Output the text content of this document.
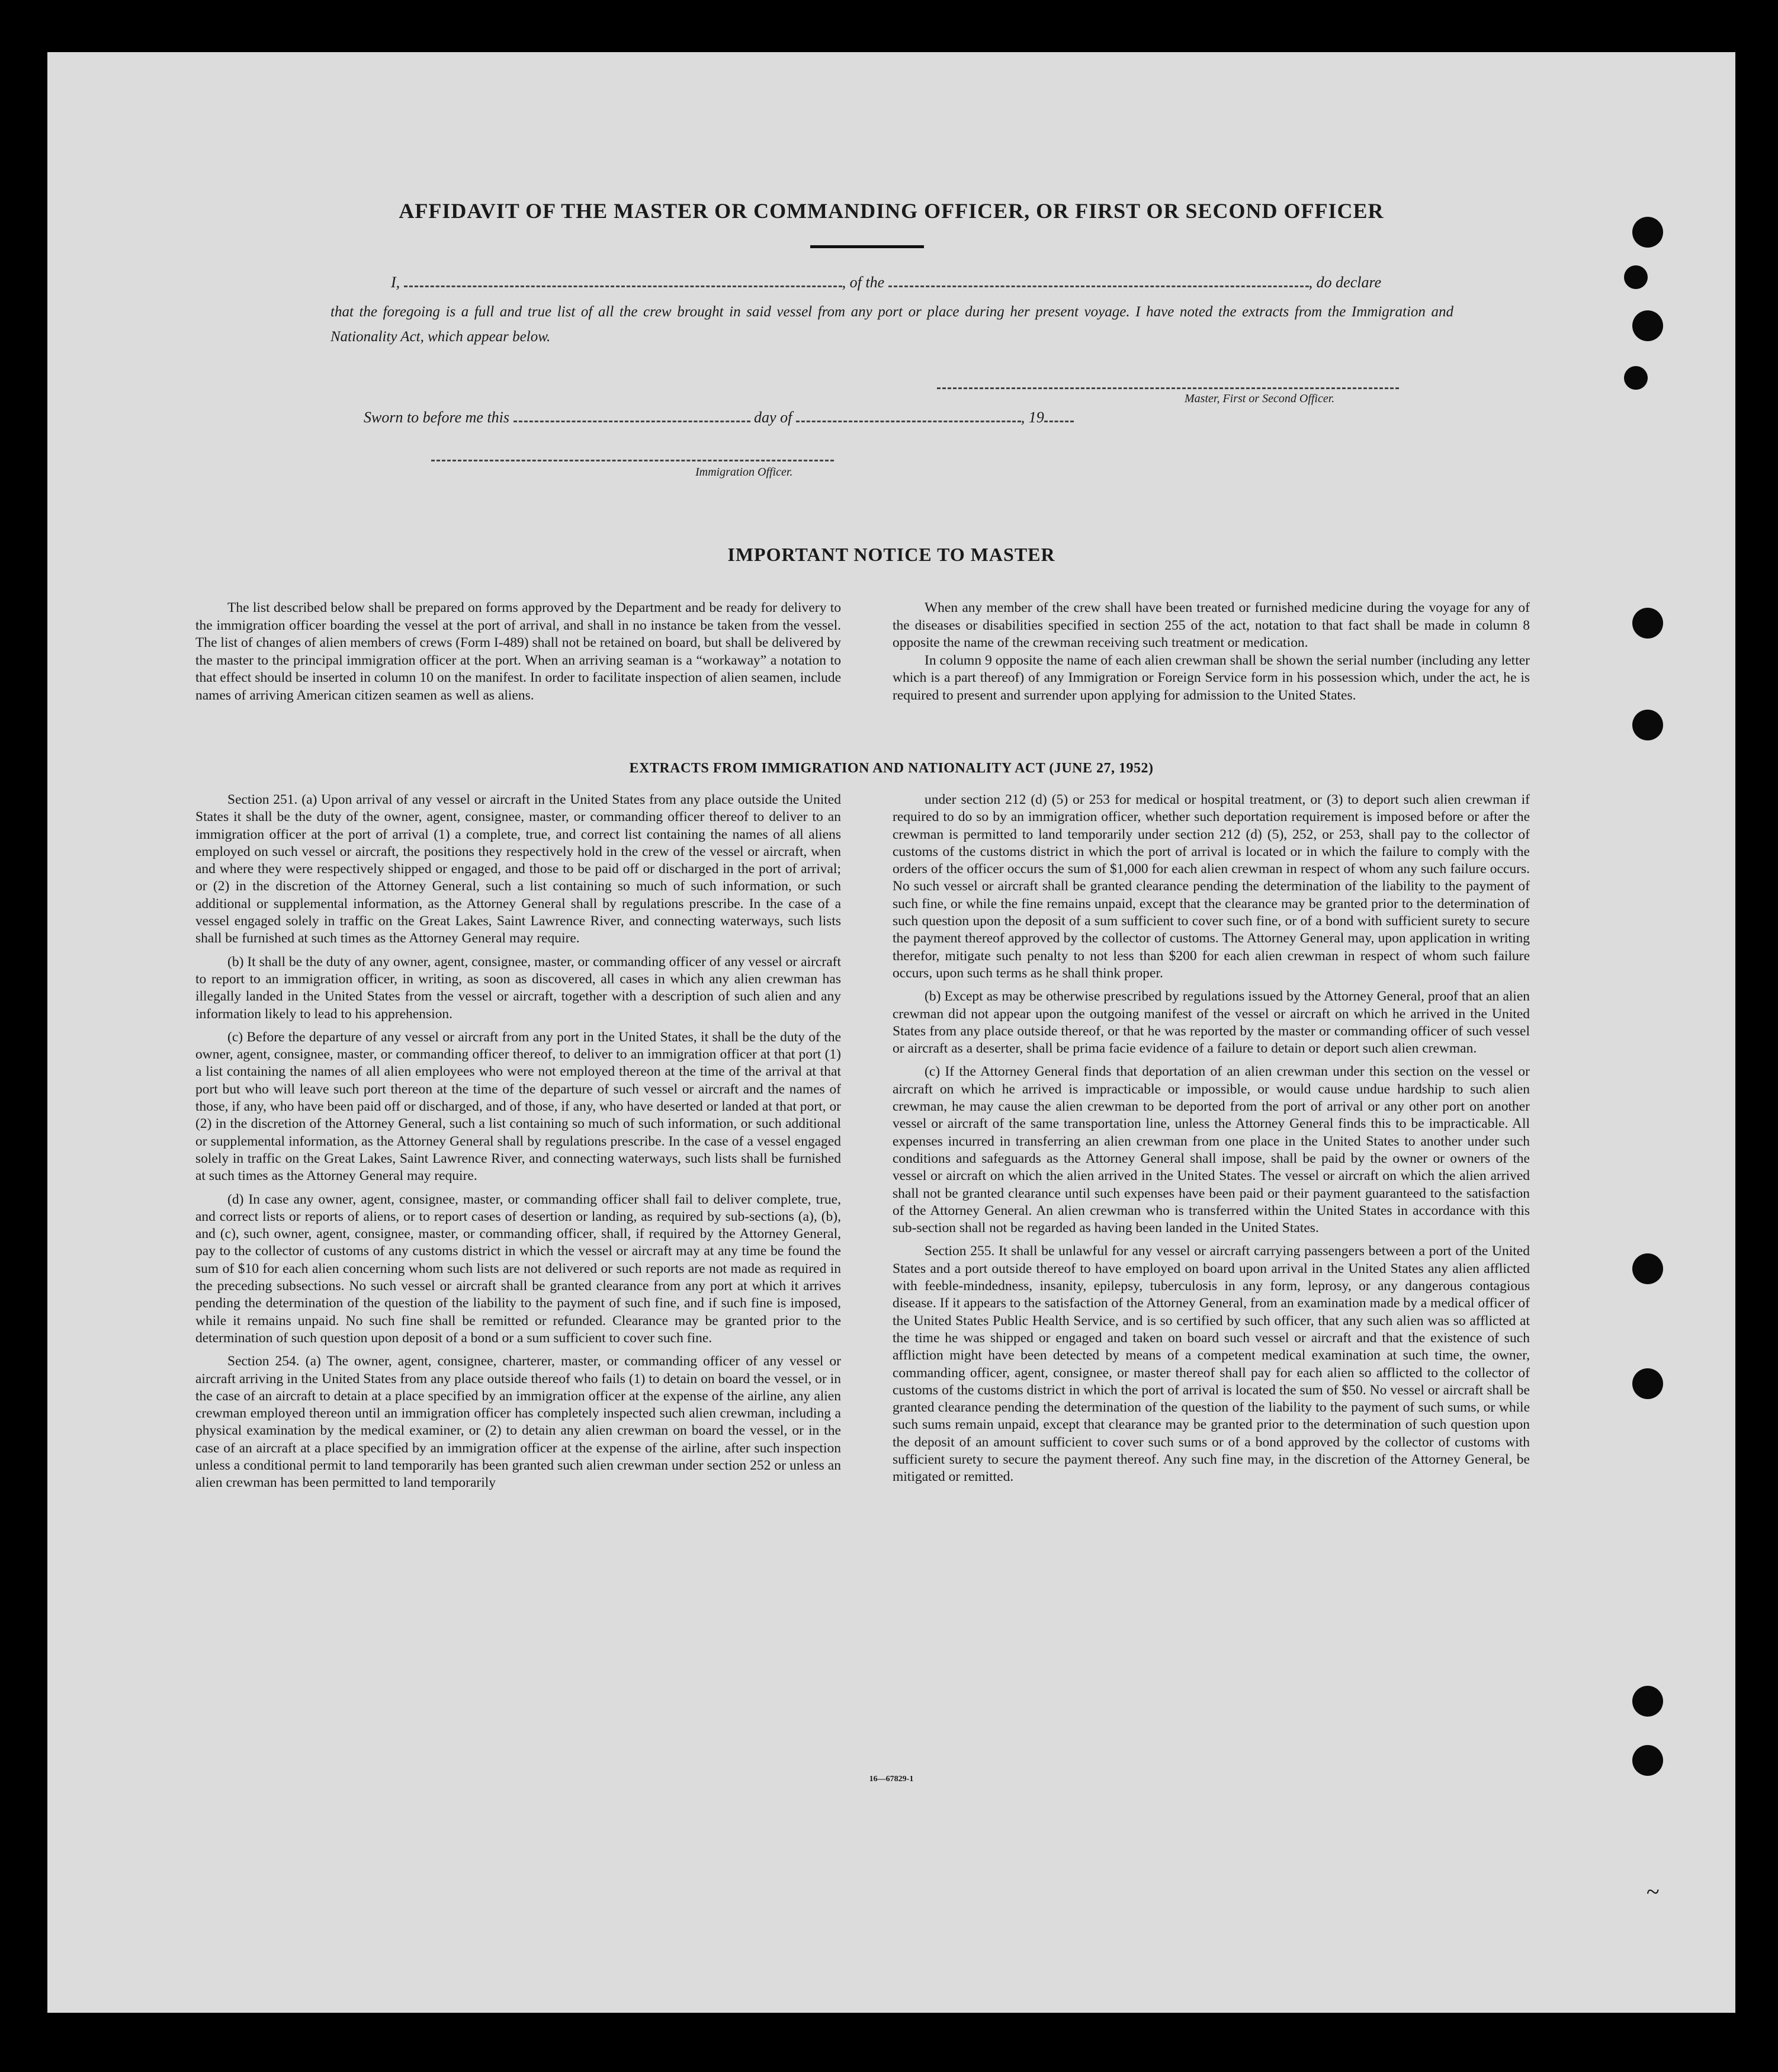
~
AFFIDAVIT OF THE MASTER OR COMMANDING OFFICER, OR FIRST OR SECOND OFFICER
I,	, of the	, do declare
that the foregoing is a full and true list of all the crew brought in said vessel from any port or place during her present voyage. I have noted the extracts from the Immigration and Nationality Act, which appear below.
Master, First or Second Officer.
Sworn to before me this	day of	, 19
Immigration Officer.
IMPORTANT NOTICE TO MASTER

The list described below shall be prepared on forms approved by the Department and be ready for delivery to the immigration officer boarding the vessel at the port of arrival, and shall in no instance be taken from the vessel. The list of changes of alien members of crews (Form I-489) shall not be retained on board, but shall be delivered by the master to the principal immigration officer at the port. When an arriving seaman is a “workaway” a notation to that effect should be inserted in column 10 on the manifest. In order to facilitate inspection of alien seamen, include names of arriving American citizen seamen as well as aliens.

When any member of the crew shall have been treated or furnished medicine during the voyage for any of the diseases or disabilities specified in section 255 of the act, notation to that fact shall be made in column 8 opposite the name of the crewman receiving such treatment or medication.

In column 9 opposite the name of each alien crewman shall be shown the serial number (including any letter which is a part thereof) of any Immigration or Foreign Service form in his possession which, under the act, he is required to present and surrender upon applying for admission to the United States.

EXTRACTS FROM IMMIGRATION AND NATIONALITY ACT (JUNE 27, 1952)

Section 251. (a) Upon arrival of any vessel or aircraft in the United States from any place outside the United States it shall be the duty of the owner, agent, consignee, master, or commanding officer thereof to deliver to an immigration officer at the port of arrival (1) a complete, true, and correct list containing the names of all aliens employed on such vessel or aircraft, the positions they respectively hold in the crew of the vessel or aircraft, when and where they were respectively shipped or engaged, and those to be paid off or discharged in the port of arrival; or (2) in the discretion of the Attorney General, such a list containing so much of such information, or such additional or supplemental information, as the Attorney General shall by regulations prescribe. In the case of a vessel engaged solely in traffic on the Great Lakes, Saint Lawrence River, and connecting waterways, such lists shall be furnished at such times as the Attorney General may require.

(b) It shall be the duty of any owner, agent, consignee, master, or commanding officer of any vessel or aircraft to report to an immigration officer, in writing, as soon as discovered, all cases in which any alien crewman has illegally landed in the United States from the vessel or aircraft, together with a description of such alien and any information likely to lead to his apprehension.

(c) Before the departure of any vessel or aircraft from any port in the United States, it shall be the duty of the owner, agent, consignee, master, or commanding officer thereof, to deliver to an immigration officer at that port (1) a list containing the names of all alien employees who were not employed thereon at the time of the arrival at that port but who will leave such port thereon at the time of the departure of such vessel or aircraft and the names of those, if any, who have been paid off or discharged, and of those, if any, who have deserted or landed at that port, or (2) in the discretion of the Attorney General, such a list containing so much of such information, or such additional or supplemental information, as the Attorney General shall by regulations prescribe. In the case of a vessel engaged solely in traffic on the Great Lakes, Saint Lawrence River, and connecting waterways, such lists shall be furnished at such times as the Attorney General may require.

(d) In case any owner, agent, consignee, master, or commanding officer shall fail to deliver complete, true, and correct lists or reports of aliens, or to report cases of desertion or landing, as required by sub-sections (a), (b), and (c), such owner, agent, consignee, master, or commanding officer, shall, if required by the Attorney General, pay to the collector of customs of any customs district in which the vessel or aircraft may at any time be found the sum of $10 for each alien concerning whom such lists are not delivered or such reports are not made as required in the preceding subsections. No such vessel or aircraft shall be granted clearance from any port at which it arrives pending the determination of the question of the liability to the payment of such fine, and if such fine is imposed, while it remains unpaid. No such fine shall be remitted or refunded. Clearance may be granted prior to the determination of such question upon deposit of a bond or a sum sufficient to cover such fine.

Section 254. (a) The owner, agent, consignee, charterer, master, or commanding officer of any vessel or aircraft arriving in the United States from any place outside thereof who fails (1) to detain on board the vessel, or in the case of an aircraft to detain at a place specified by an immigration officer at the expense of the airline, any alien crewman employed thereon until an immigration officer has completely inspected such alien crewman, including a physical examination by the medical examiner, or (2) to detain any alien crewman on board the vessel, or in the case of an aircraft at a place specified by an immigration officer at the expense of the airline, after such inspection unless a conditional permit to land temporarily has been granted such alien crewman under section 252 or unless an alien crewman has been permitted to land temporarily

under section 212 (d) (5) or 253 for medical or hospital treatment, or (3) to deport such alien crewman if required to do so by an immigration officer, whether such deportation requirement is imposed before or after the crewman is permitted to land temporarily under section 212 (d) (5), 252, or 253, shall pay to the collector of customs of the customs district in which the port of arrival is located or in which the failure to comply with the orders of the officer occurs the sum of $1,000 for each alien crewman in respect of whom any such failure occurs. No such vessel or aircraft shall be granted clearance pending the determination of the liability to the payment of such fine, or while the fine remains unpaid, except that the clearance may be granted prior to the determination of such question upon the deposit of a sum sufficient to cover such fine, or of a bond with sufficient surety to secure the payment thereof approved by the collector of customs. The Attorney General may, upon application in writing therefor, mitigate such penalty to not less than $200 for each alien crewman in respect of whom such failure occurs, upon such terms as he shall think proper.

(b) Except as may be otherwise prescribed by regulations issued by the Attorney General, proof that an alien crewman did not appear upon the outgoing manifest of the vessel or aircraft on which he arrived in the United States from any place outside thereof, or that he was reported by the master or commanding officer of such vessel or aircraft as a deserter, shall be prima facie evidence of a failure to detain or deport such alien crewman.

(c) If the Attorney General finds that deportation of an alien crewman under this section on the vessel or aircraft on which he arrived is impracticable or impossible, or would cause undue hardship to such alien crewman, he may cause the alien crewman to be deported from the port of arrival or any other port on another vessel or aircraft of the same transportation line, unless the Attorney General finds this to be impracticable. All expenses incurred in transferring an alien crewman from one place in the United States to another under such conditions and safeguards as the Attorney General shall impose, shall be paid by the owner or owners of the vessel or aircraft on which the alien arrived in the United States. The vessel or aircraft on which the alien arrived shall not be granted clearance until such expenses have been paid or their payment guaranteed to the satisfaction of the Attorney General. An alien crewman who is transferred within the United States in accordance with this sub-section shall not be regarded as having been landed in the United States.

Section 255. It shall be unlawful for any vessel or aircraft carrying passengers between a port of the United States and a port outside thereof to have employed on board upon arrival in the United States any alien afflicted with feeble-mindedness, insanity, epilepsy, tuberculosis in any form, leprosy, or any dangerous contagious disease. If it appears to the satisfaction of the Attorney General, from an examination made by a medical officer of the United States Public Health Service, and is so certified by such officer, that any such alien was so afflicted at the time he was shipped or engaged and taken on board such vessel or aircraft and that the existence of such affliction might have been detected by means of a competent medical examination at such time, the owner, commanding officer, agent, consignee, or master thereof shall pay for each alien so afflicted to the collector of customs of the customs district in which the port of arrival is located the sum of $50. No vessel or aircraft shall be granted clearance pending the determination of the question of the liability to the payment of such sums, or while such sums remain unpaid, except that clearance may be granted prior to the determination of such question upon the deposit of an amount sufficient to cover such sums or of a bond approved by the collector of customs with sufficient surety to secure the payment thereof. Any such fine may, in the discretion of the Attorney General, be mitigated or remitted.

16—67829-1
